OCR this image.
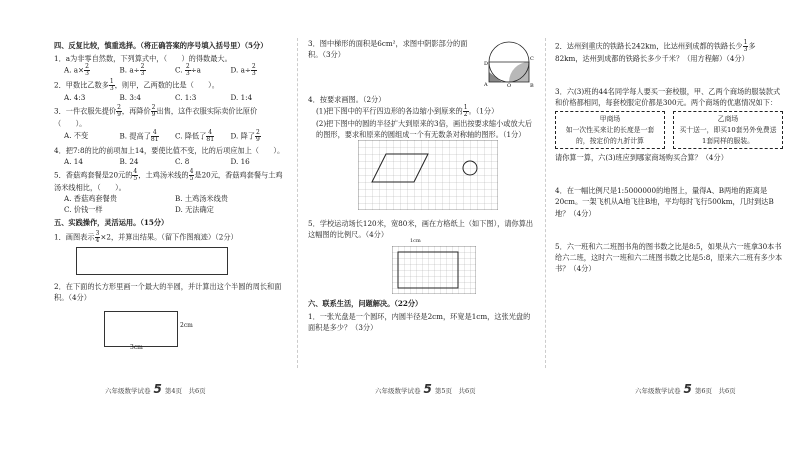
四、反复比较，慎重选择。（将正确答案的序号填入括号里）（5分）
1．a为非零自然数，下列算式中，（　　）的得数最大。
A. $a\times \frac{2}{3}$	B. $a\div \frac{2}{3}$	C. $\frac{2}{3} \div a$	D. $a\div \frac{2}{3}$
2．甲数比乙数多 $\frac{1}{3}$ ，则甲，乙两数的比是（　　）。
A. 4:3	B. 3:4	C. 1:3	D. 1:4
3．一件衣服先提价 $\frac{2}{9}$ ，再降价 $\frac{2}{9}$ 出售，这件衣服实际卖价比原价（　　）。
A. 不变	B. 提高了 $\frac{4}{81} C$. 降低了 $\frac{4}{81} D$. 降了 $\frac{2}{9}$
4．把7:8的比的前项加上14，要使比值不变，比的后项应加上（　　）。
A. 14	B. 24	C. 8	D. 16
5．香菇鸡套餐是20元的 $\frac{4}{5}$ ，土鸡汤米线的 $\frac{4}{5}$ 是20元，香菇鸡套餐与土鸡汤米线相比，（　　）。
A. 香菇鸡套餐贵	B. 土鸡汤米线贵
C. 价钱一样	D. 无法确定
五、实践操作，灵活运用。（15分）
1．画图表示 $\frac{3}{4} \times 2$，并算出结果。（留下作图痕迹）（2分）
2．在下面的长方形里画一个最大的半圆，并计算出这个半圆的周长和面积。（4分）
2cm
3cm
3．图中梯形的面积是6cm²，求图中阴影部分的面积。（3分）
D
C
A	O	B
4．按要求画图。（2分）
(1)把下图中的平行四边形的各边缩小到原来的 $\frac{1}{2}$ 。（1分）
(2)把下图中的圆的半径扩大到原来的3倍，画出按要求缩小或放大后的图形，要求和原来的圆组成一个有无数条对称轴的图形。（1分）
5．学校运动场长120米，宽80米，画在方格纸上（如下图），请你算出这幅图的比例尺。（4分）
1cm
六、联系生活，问题解决。（22分）
1．一张光盘是一个圆环，内圆半径是2cm，环宽是1cm，这张光盘的面积是多少？（3分）
2．达州到重庆的铁路长242km，比达州到成都的铁路长少 $\frac{1}{3}$ 多82km，达州到成都的铁路长多少千米？（用方程解）（4分）
3．六(3)班的44名同学每人要买一套校服，甲、乙两个商场的服装款式和价格都相同，每套校服定价都是300元。两个商场的优惠情况如下：
甲商场
如一次性买来让的长度是一套的，按定价的九折计算
乙商场
买十送一，即买10套另外免费送1套同样的服装。
请你算一算，六(3)班应到哪家商场购买合算？（4分）
4．在一幅比例尺是1:5000000的地图上，量得A、B两地的距离是20cm。一架飞机从A地飞往B地，平均每时飞行500km，几时到达B地？（4分）
5．六一班和六二班图书角的图书数之比是8:5，如果从六一班拿30本书给六二班，这时六一班和六二班图书数之比是5:8，原来六二班有多少本书？（4分）
六年级数学试卷 5 第4页　共6页	六年级数学试卷 5 第5页　共6页	六年级数学试卷 5 第6页　共6页
